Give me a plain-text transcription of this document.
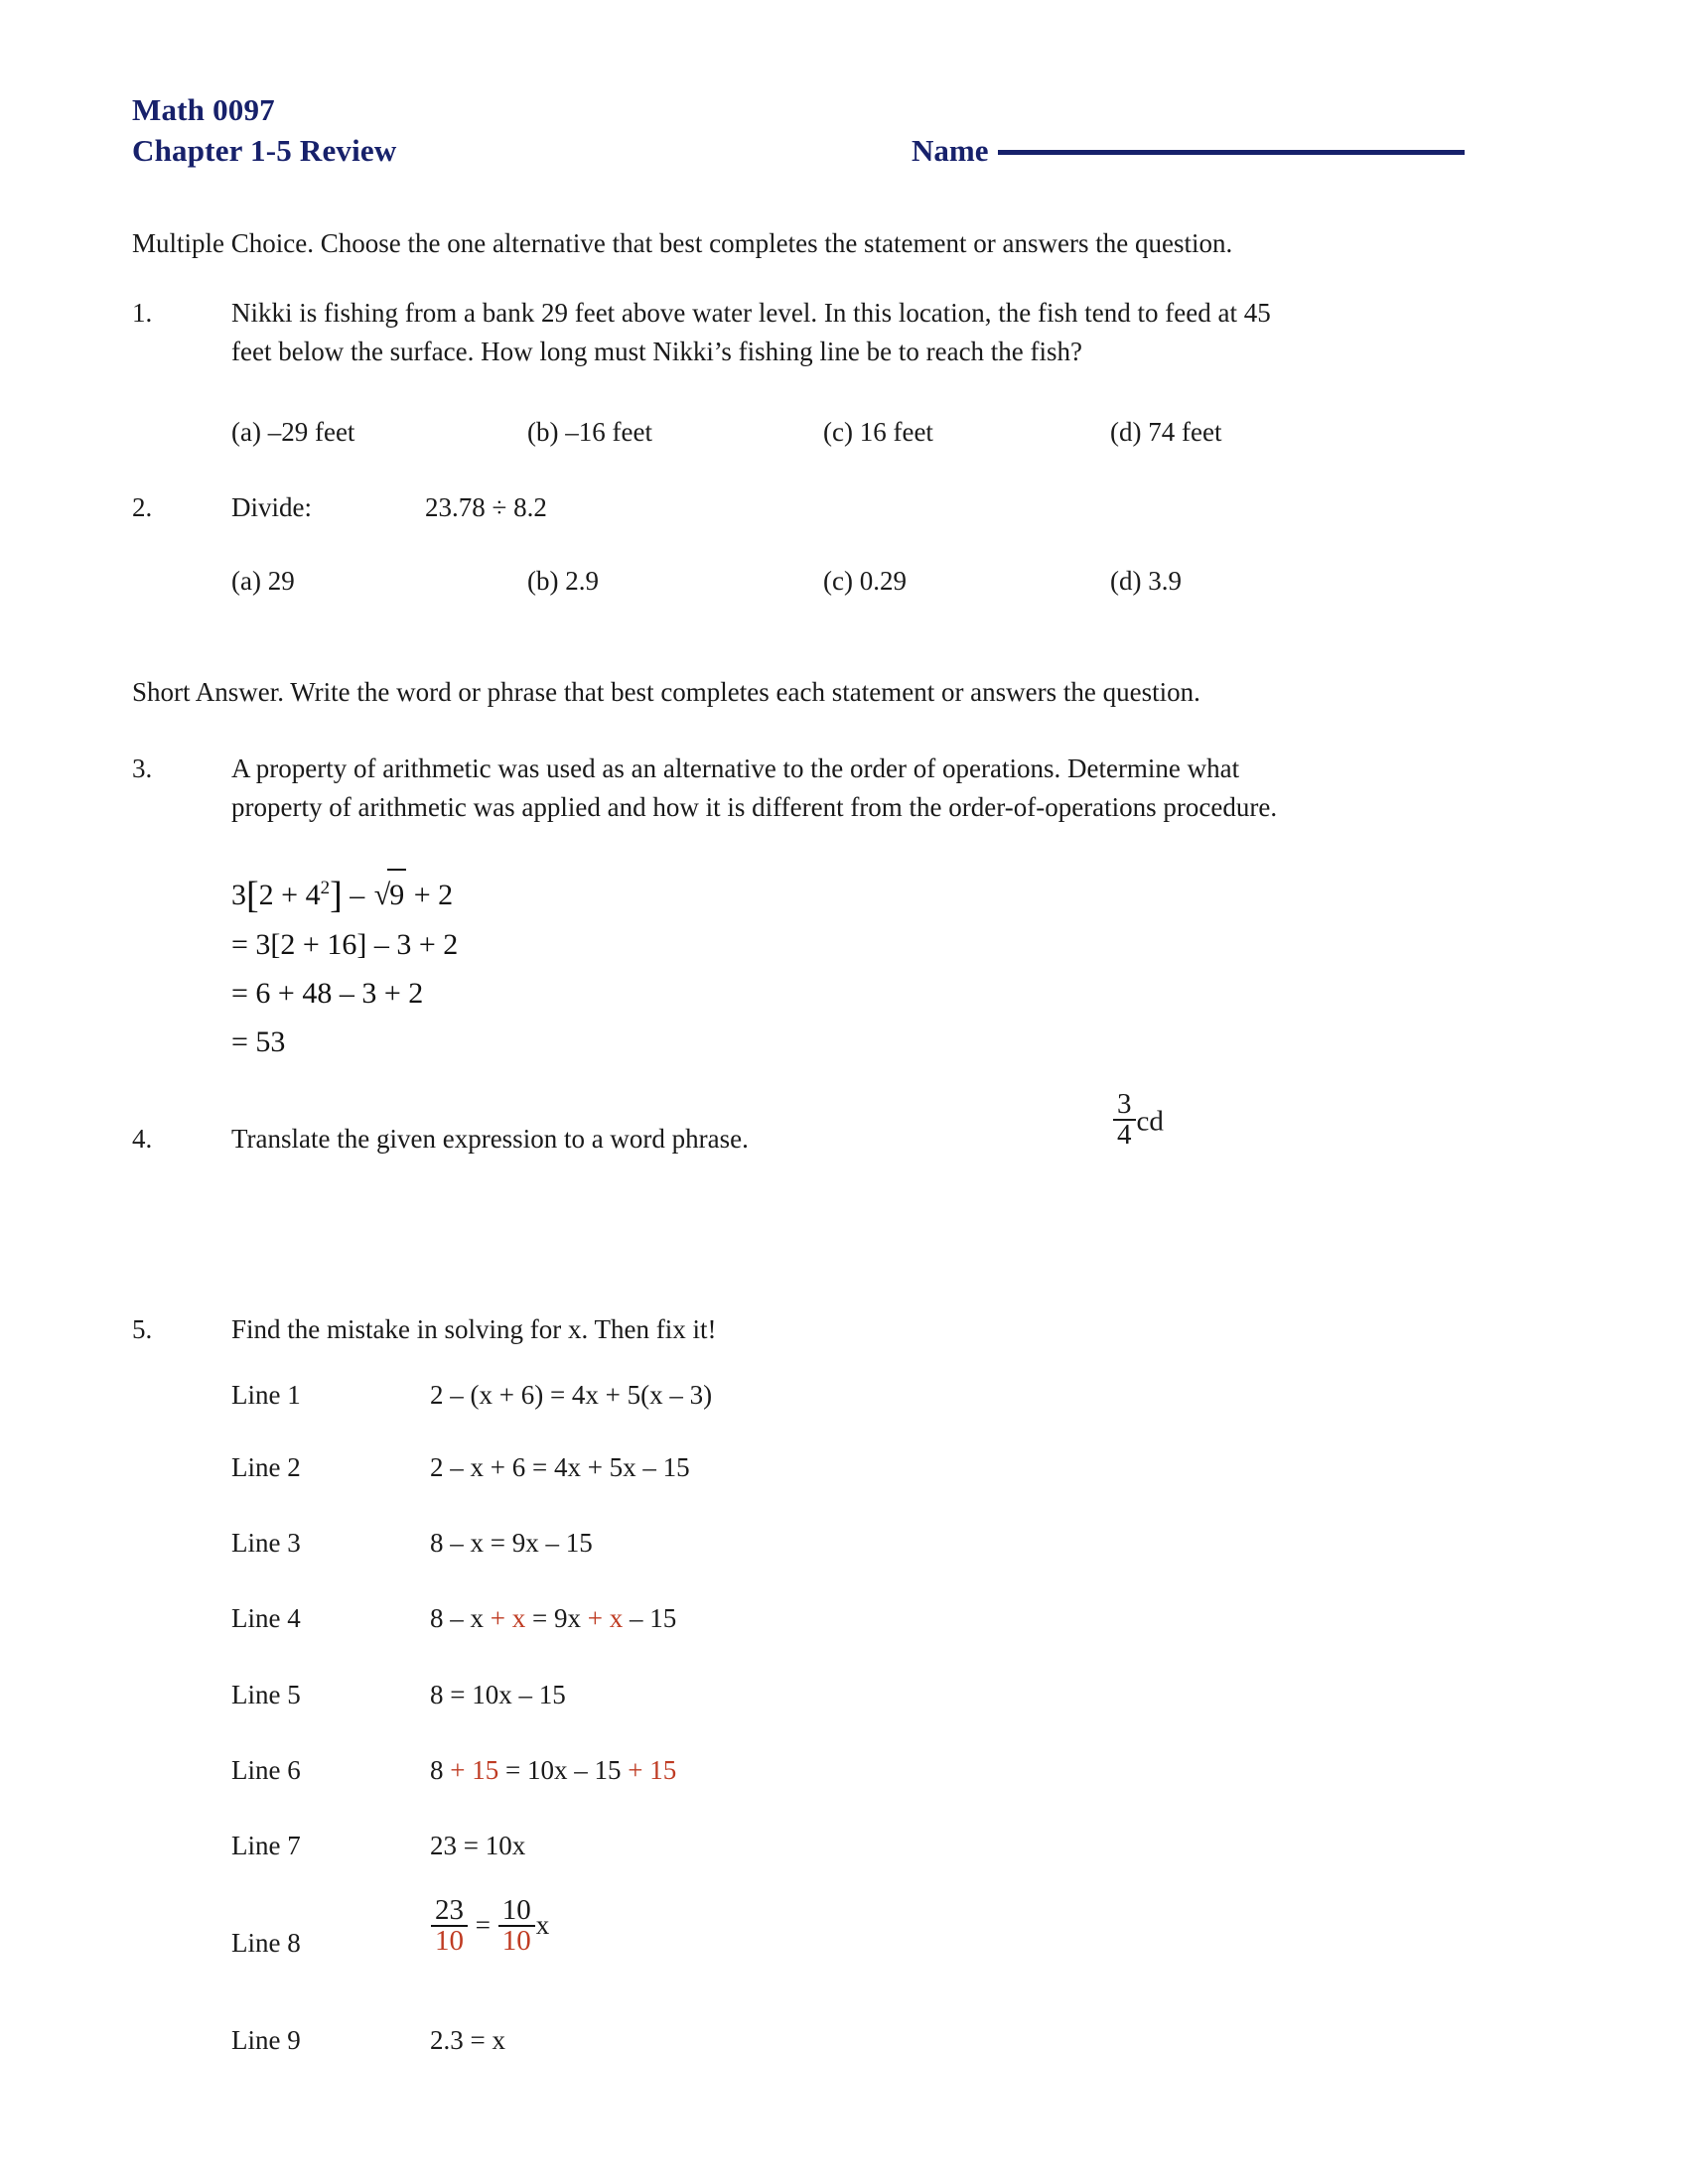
Math 0097
Chapter 1-5 Review	Name
Multiple Choice. Choose the one alternative that best completes the statement or answers the question.
1.	Nikki is fishing from a bank 29 feet above water level. In this location, the fish tend to feed at 45
feet below the surface. How long must Nikki’s fishing line be to reach the fish?
(a) –29 feet	(b) –16 feet	(c) 16 feet	(d) 74 feet
2.	Divide:	23.78 ÷ 8.2
(a) 29	(b) 2.9	(c) 0.29	(d) 3.9
Short Answer. Write the word or phrase that best completes each statement or answers the question.
3.	A property of arithmetic was used as an alternative to the order of operations. Determine what
property of arithmetic was applied and how it is different from the order-of-operations procedure.
$3[2 + 4^2] - √9 + 2$
= 3[2 + 16] – 3 + 2
= 6 + 48 – 3 + 2
= 53
4.	Translate the given expression to a word phrase.	$\frac{3}{4}$ cd
5.	Find the mistake in solving for x. Then fix it!
Line 1	2 – (x + 6) = 4x + 5(x – 3)
Line 2	2 – x + 6 = 4x + 5x – 15
Line 3	8 – x = 9x – 15
Line 4	8 – x + x = 9x + x – 15
Line 5	8 = 10x – 15
Line 6	8 + 15 = 10x – 15 + 15
Line 7	23 = 10x
Line 8	$\frac{23}{10} = \frac{10}{10}$ x
Line 9	2.3 = x
